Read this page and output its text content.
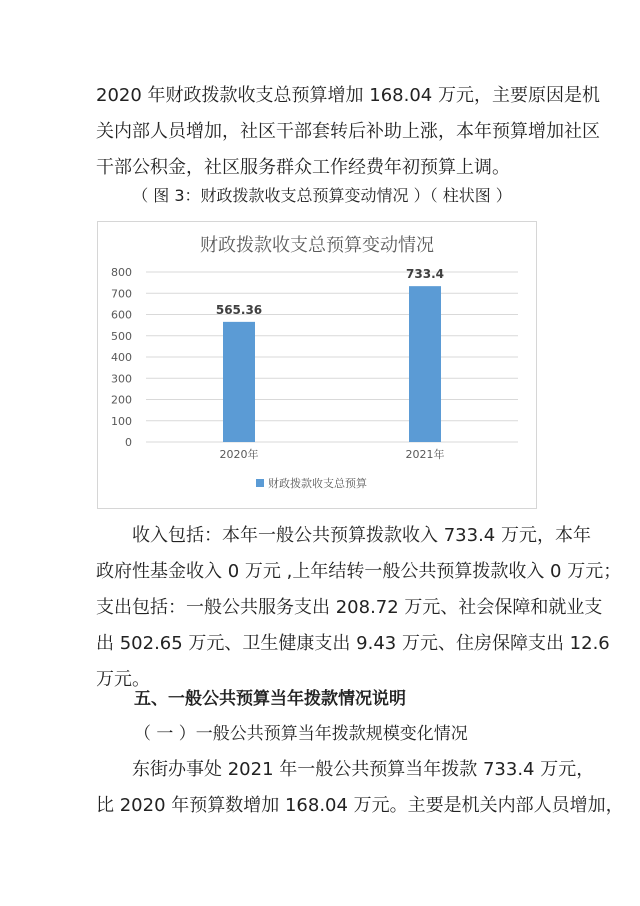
2020 年财政拨款收支总预算增加 168.04 万元，主要原因是机
关内部人员增加，社区干部套转后补助上涨，本年预算增加社区
干部公积金，社区服务群众工作经费年初预算上调。
（ 图 3：财政拨款收支总预算变动情况 ）（ 柱状图 ）
财政拨款收支总预算变动情况
0
100
200
300
400
500
600
700
800
565.36
733.4
2020年	2021年
财政拨款收支总预算
收入包括：本年一般公共预算拨款收入 733.4 万元，本年
政府性基金收入 0 万元 ,上年结转一般公共预算拨款收入 0 万元；
支出包括：一般公共服务支出 208.72 万元、社会保障和就业支
出 502.65 万元、卫生健康支出 9.43 万元、住房保障支出 12.6
万元。
五、一般公共预算当年拨款情况说明
（ 一 ）一般公共预算当年拨款规模变化情况
东街办事处 2021 年一般公共预算当年拨款 733.4 万元，
比 2020 年预算数增加 168.04 万元。主要是机关内部人员增加，
